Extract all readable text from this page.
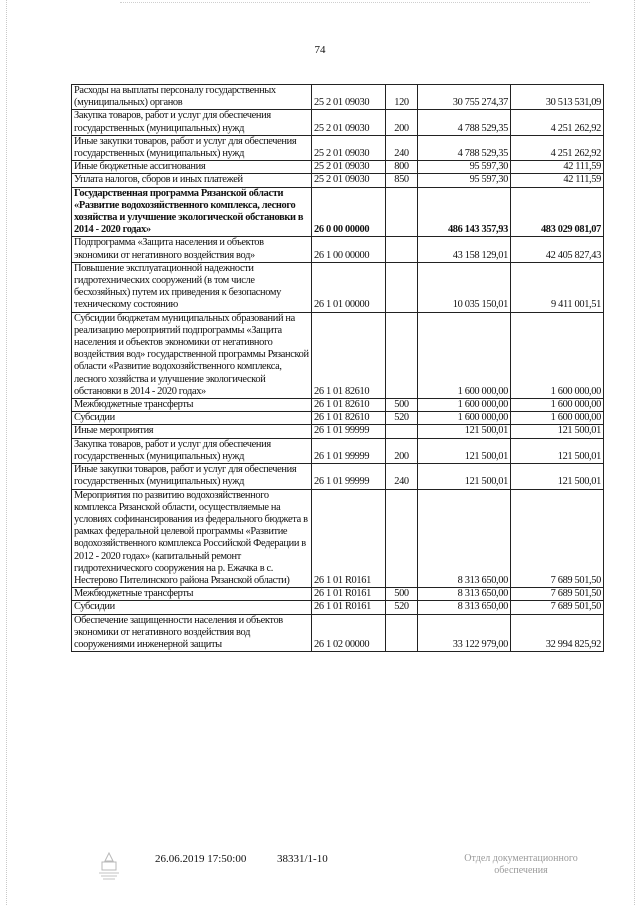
74
Расходы на выплаты персоналу государственных (муниципальных) органов	25 2 01 09030	120	30 755 274,37	30 513 531,09
Закупка товаров, работ и услуг для обеспечения государственных (муниципальных) нужд	25 2 01 09030	200	4 788 529,35	4 251 262,92
Иные закупки товаров, работ и услуг для обеспечения государственных (муниципальных) нужд	25 2 01 09030	240	4 788 529,35	4 251 262,92
Иные бюджетные ассигнования	25 2 01 09030	800	95 597,30	42 111,59
Уплата налогов, сборов и иных платежей	25 2 01 09030	850	95 597,30	42 111,59
Государственная программа Рязанской области «Развитие водохозяйственного комплекса, лесного хозяйства и улучшение экологической обстановки в 2014 - 2020 годах»	26 0 00 00000		486 143 357,93	483 029 081,07
Подпрограмма «Защита населения и объектов экономики от негативного воздействия вод»	26 1 00 00000		43 158 129,01	42 405 827,43
Повышение эксплуатационной надежности гидротехнических сооружений (в том числе бесхозяйных) путем их приведения к безопасному техническому состоянию	26 1 01 00000		10 035 150,01	9 411 001,51
Субсидии бюджетам муниципальных образований на реализацию мероприятий подпрограммы «Защита населения и объектов экономики от негативного воздействия вод» государственной программы Рязанской области «Развитие водохозяйственного комплекса, лесного хозяйства и улучшение экологической обстановки в 2014 - 2020 годах»	26 1 01 82610		1 600 000,00	1 600 000,00
Межбюджетные трансферты	26 1 01 82610	500	1 600 000,00	1 600 000,00
Субсидии	26 1 01 82610	520	1 600 000,00	1 600 000,00
Иные мероприятия	26 1 01 99999		121 500,01	121 500,01
Закупка товаров, работ и услуг для обеспечения государственных (муниципальных) нужд	26 1 01 99999	200	121 500,01	121 500,01
Иные закупки товаров, работ и услуг для обеспечения государственных (муниципальных) нужд	26 1 01 99999	240	121 500,01	121 500,01
Мероприятия по развитию водохозяйственного комплекса Рязанской области, осуществляемые на условиях софинансирования из федерального бюджета в рамках федеральной целевой программы «Развитие водохозяйственного комплекса Российской Федерации в 2012 - 2020 годах» (капитальный ремонт гидротехнического сооружения на р. Ежачка в с. Нестерово Пителинского района Рязанской области)	26 1 01 R0161		8 313 650,00	7 689 501,50
Межбюджетные трансферты	26 1 01 R0161	500	8 313 650,00	7 689 501,50
Субсидии	26 1 01 R0161	520	8 313 650,00	7 689 501,50
Обеспечение защищенности населения и объектов экономики от негативного воздействия вод сооружениями инженерной защиты	26 1 02 00000		33 122 979,00	32 994 825,92
26.06.2019 17:50:00	38331/1-10	Отдел документационного обеспечения
